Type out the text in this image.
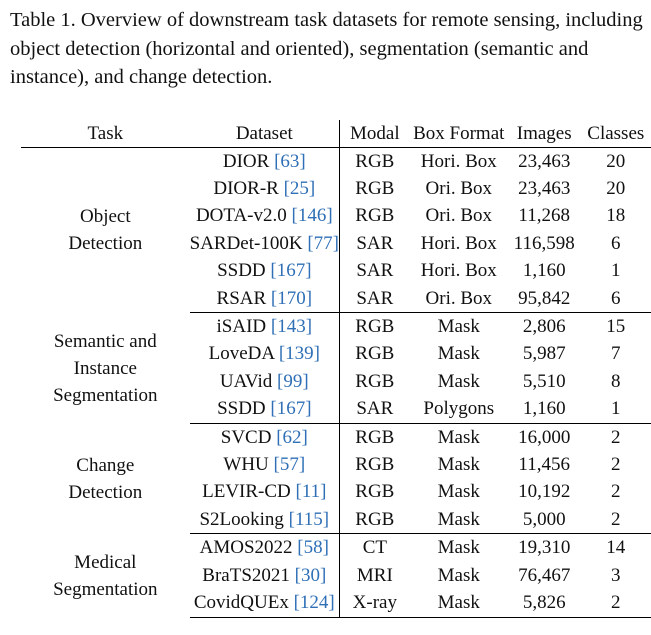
Table 1. Overview of downstream task datasets for remote sensing, including object detection (horizontal and oriented), segmentation (semantic and instance), and change detection.
Task	Dataset	Modal	Box Format	Images	Classes

Object
Detection	DIOR [63]	RGB	Hori. Box	23,463	20
	DIOR-R [25]	RGB	Ori. Box	23,463	20
	DOTA-v2.0 [146]	RGB	Ori. Box	11,268	18
	SARDet-100K [77]	SAR	Hori. Box	116,598	6
	SSDD [167]	SAR	Hori. Box	1,160	1
	RSAR [170]	SAR	Ori. Box	95,842	6

Semantic and
Instance
Segmentation	iSAID [143]	RGB	Mask	2,806	15
	LoveDA [139]	RGB	Mask	5,987	7
	UAVid [99]	RGB	Mask	5,510	8
	SSDD [167]	SAR	Polygons	1,160	1

Change
Detection	SVCD [62]	RGB	Mask	16,000	2
	WHU [57]	RGB	Mask	11,456	2
	LEVIR-CD [11]	RGB	Mask	10,192	2
	S2Looking [115]	RGB	Mask	5,000	2

Medical
Segmentation	AMOS2022 [58]	CT	Mask	19,310	14
	BraTS2021 [30]	MRI	Mask	76,467	3
	CovidQUEx [124]	X-ray	Mask	5,826	2
